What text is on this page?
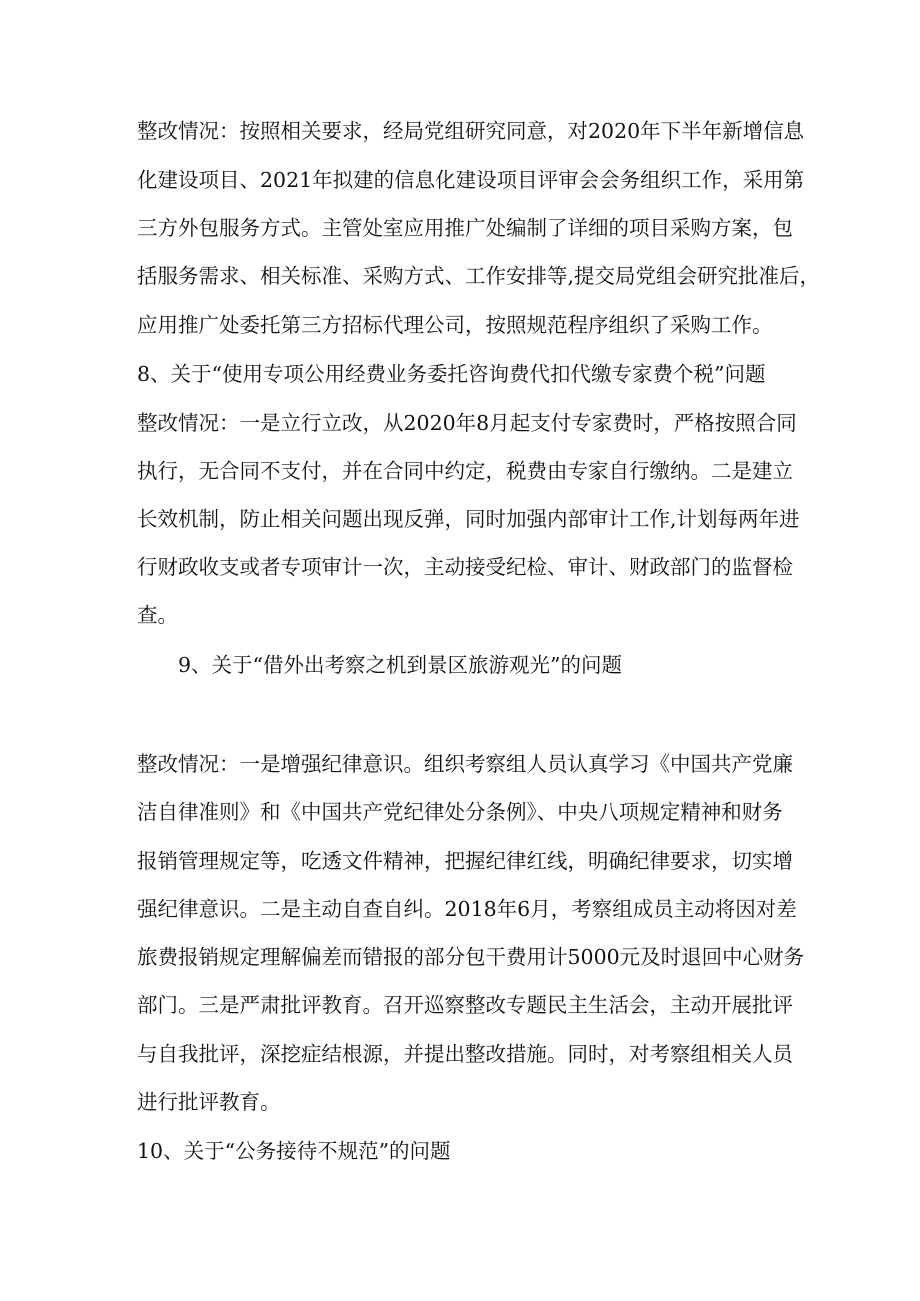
整改情况：按照相关要求，经局党组研究同意，对2020年下半年新增信息
化建设项目、2021年拟建的信息化建设项目评审会会务组织工作，采用第
三方外包服务方式。主管处室应用推广处编制了详细的项目采购方案，包
括服务需求、相关标准、采购方式、工作安排等,提交局党组会研究批准后，
应用推广处委托第三方招标代理公司，按照规范程序组织了采购工作。
8、关于“使用专项公用经费业务委托咨询费代扣代缴专家费个税”问题
整改情况：一是立行立改，从2020年8月起支付专家费时，严格按照合同
执行，无合同不支付，并在合同中约定，税费由专家自行缴纳。二是建立
长效机制，防止相关问题出现反弹，同时加强内部审计工作,计划每两年进
行财政收支或者专项审计一次，主动接受纪检、审计、财政部门的监督检
查。
9、关于“借外出考察之机到景区旅游观光”的问题
整改情况：一是增强纪律意识。组织考察组人员认真学习《中国共产党廉
洁自律准则》和《中国共产党纪律处分条例》、中央八项规定精神和财务
报销管理规定等，吃透文件精神，把握纪律红线，明确纪律要求，切实增
强纪律意识。二是主动自查自纠。2018年6月，考察组成员主动将因对差
旅费报销规定理解偏差而错报的部分包干费用计5000元及时退回中心财务
部门。三是严肃批评教育。召开巡察整改专题民主生活会，主动开展批评
与自我批评，深挖症结根源，并提出整改措施。同时，对考察组相关人员
进行批评教育。
10、关于“公务接待不规范”的问题
